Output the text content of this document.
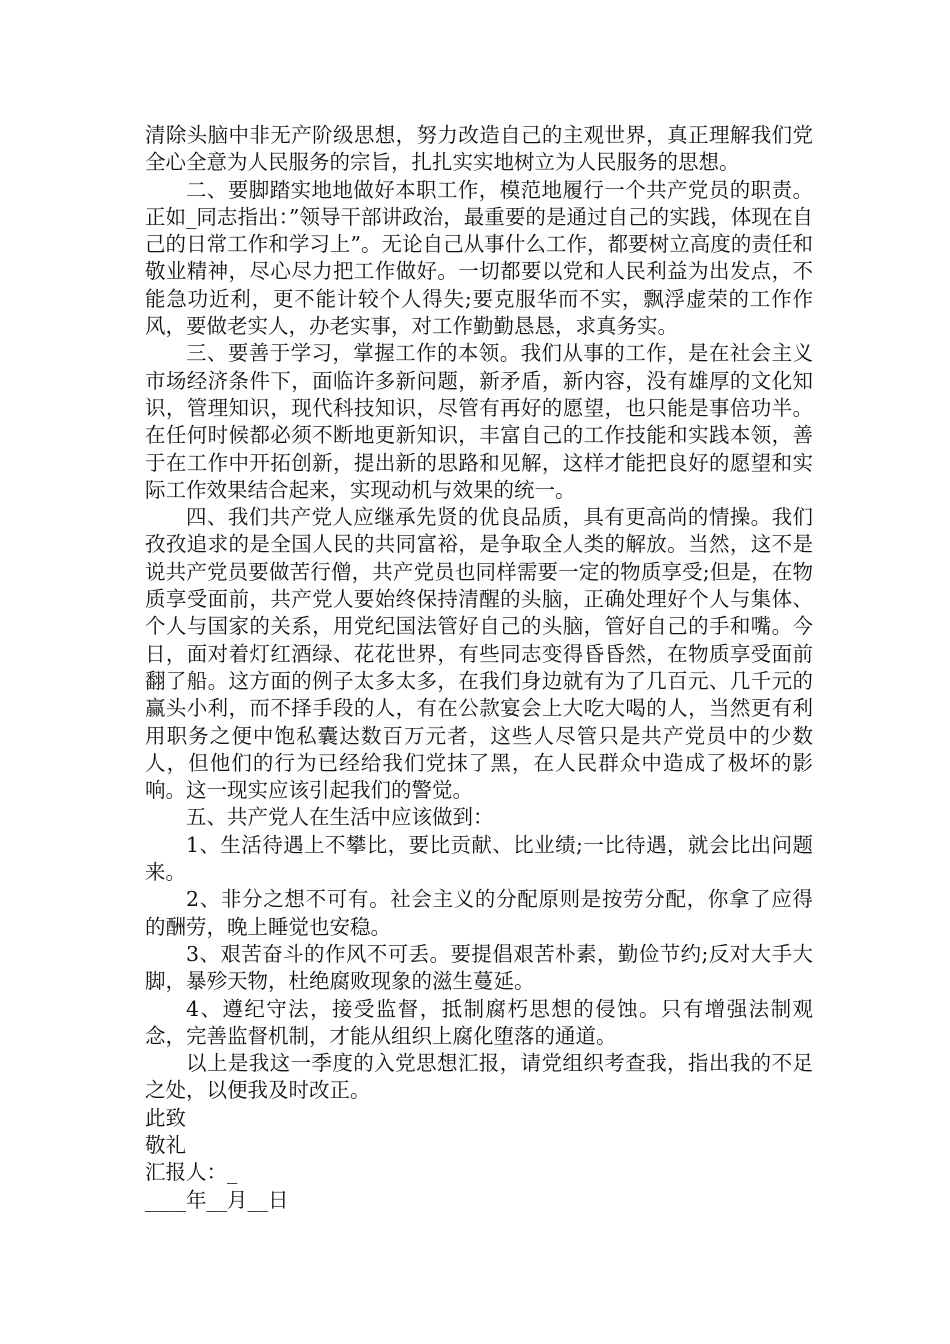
清除头脑中非无产阶级思想，努力改造自己的主观世界，真正理解我们党全心全意为人民服务的宗旨，扎扎实实地树立为人民服务的思想。

二、要脚踏实地地做好本职工作，模范地履行一个共产党员的职责。正如_同志指出：”领导干部讲政治，最重要的是通过自己的实践，体现在自己的日常工作和学习上”。无论自己从事什么工作，都要树立高度的责任和敬业精神，尽心尽力把工作做好。一切都要以党和人民利益为出发点，不能急功近利，更不能计较个人得失;要克服华而不实，飘浮虚荣的工作作风，要做老实人，办老实事，对工作勤勤恳恳，求真务实。

三、要善于学习，掌握工作的本领。我们从事的工作，是在社会主义市场经济条件下，面临许多新问题，新矛盾，新内容，没有雄厚的文化知识，管理知识，现代科技知识，尽管有再好的愿望，也只能是事倍功半。在任何时候都必须不断地更新知识，丰富自己的工作技能和实践本领，善于在工作中开拓创新，提出新的思路和见解，这样才能把良好的愿望和实际工作效果结合起来，实现动机与效果的统一。

四、我们共产党人应继承先贤的优良品质，具有更高尚的情操。我们孜孜追求的是全国人民的共同富裕，是争取全人类的解放。当然，这不是说共产党员要做苦行僧，共产党员也同样需要一定的物质享受;但是，在物质享受面前，共产党人要始终保持清醒的头脑，正确处理好个人与集体、个人与国家的关系，用党纪国法管好自己的头脑，管好自己的手和嘴。今日，面对着灯红酒绿、花花世界，有些同志变得昏昏然，在物质享受面前翻了船。这方面的例子太多太多，在我们身边就有为了几百元、几千元的赢头小利，而不择手段的人，有在公款宴会上大吃大喝的人，当然更有利用职务之便中饱私囊达数百万元者，这些人尽管只是共产党员中的少数人，但他们的行为已经给我们党抹了黑，在人民群众中造成了极坏的影响。这一现实应该引起我们的警觉。

五、共产党人在生活中应该做到：

1、生活待遇上不攀比，要比贡献、比业绩;一比待遇，就会比出问题来。

2、非分之想不可有。社会主义的分配原则是按劳分配，你拿了应得的酬劳，晚上睡觉也安稳。

3、艰苦奋斗的作风不可丢。要提倡艰苦朴素，勤俭节约;反对大手大脚，暴殄天物，杜绝腐败现象的滋生蔓延。

4、遵纪守法，接受监督，抵制腐朽思想的侵蚀。只有增强法制观念，完善监督机制，才能从组织上腐化堕落的通道。

以上是我这一季度的入党思想汇报，请党组织考查我，指出我的不足之处，以便我及时改正。

此致

敬礼

汇报人：_

____年__月__日
